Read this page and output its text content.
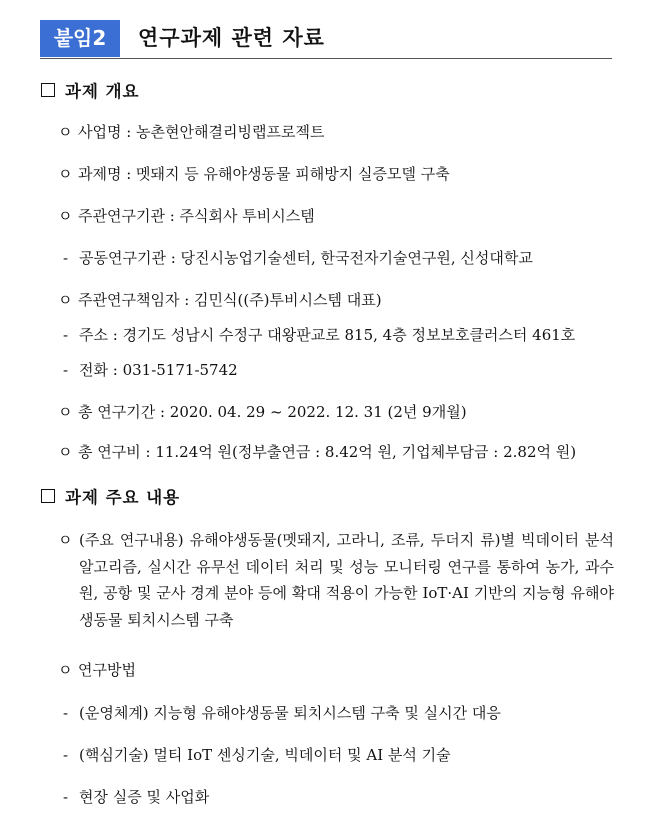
붙임2	연구과제 관련 자료
과제 개요
ㅇ 사업명 : 농촌현안해결리빙랩프로젝트
ㅇ 과제명 : 멧돼지 등 유해야생동물 피해방지 실증모델 구축
ㅇ 주관연구기관 : 주식회사 투비시스템
- 공동연구기관 : 당진시농업기술센터, 한국전자기술연구원, 신성대학교
ㅇ 주관연구책임자 : 김민식((주)투비시스템 대표)
- 주소 : 경기도 성남시 수정구 대왕판교로 815, 4층 정보보호클러스터 461호
- 전화 : 031-5171-5742
ㅇ 총 연구기간 : 2020. 04. 29 ~ 2022. 12. 31 (2년 9개월)
ㅇ 총 연구비 : 11.24억 원(정부출연금 : 8.42억 원, 기업체부담금 : 2.82억 원)
과제 주요 내용
ㅇ (주요 연구내용) 유해야생동물(멧돼지, 고라니, 조류, 두더지 류)별 빅데이터 분석 알고리즘, 실시간 유무선 데이터 처리 및 성능 모니터링 연구를 통하여 농가, 과수원, 공항 및 군사 경계 분야 등에 확대 적용이 가능한 IoT·AI 기반의 지능형 유해야생동물 퇴치시스템 구축
ㅇ 연구방법
- (운영체계) 지능형 유해야생동물 퇴치시스템 구축 및 실시간 대응
- (핵심기술) 멀티 IoT 센싱기술, 빅데이터 및 AI 분석 기술
- 현장 실증 및 사업화
